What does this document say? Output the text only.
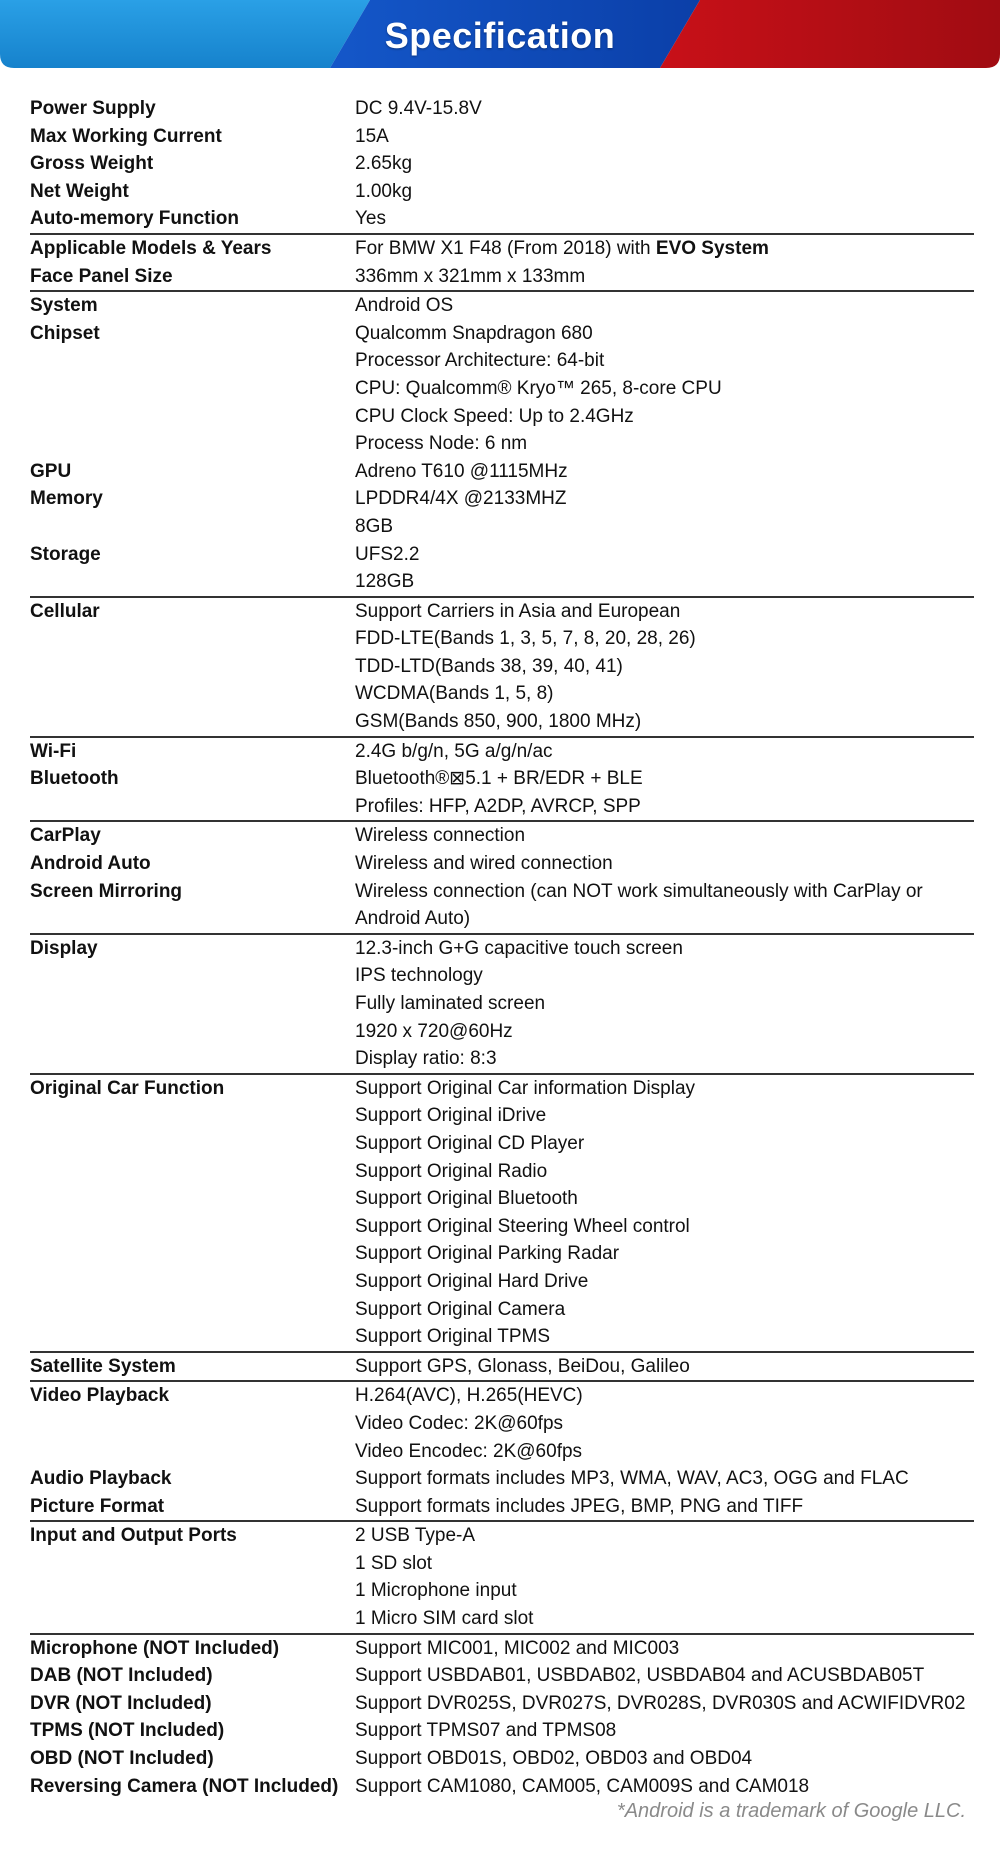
Specification
Power Supply	DC 9.4V-15.8V
Max Working Current	15A
Gross Weight	2.65kg
Net Weight	1.00kg
Auto-memory Function	Yes
Applicable Models & Years	For BMW X1 F48 (From 2018) with EVO System
Face Panel Size	336mm x 321mm x 133mm
System	Android OS
Chipset	Qualcomm Snapdragon 680
Processor Architecture: 64-bit
CPU: Qualcomm® Kryo™ 265, 8-core CPU
CPU Clock Speed: Up to 2.4GHz
Process Node: 6 nm
GPU	Adreno T610 @1115MHz
Memory	LPDDR4/4X @2133MHZ
8GB
Storage	UFS2.2
128GB
Cellular	Support Carriers in Asia and European
FDD-LTE(Bands 1, 3, 5, 7, 8, 20, 28, 26)
TDD-LTD(Bands 38, 39, 40, 41)
WCDMA(Bands 1, 5, 8)
GSM(Bands 850, 900, 1800 MHz)
Wi-Fi	2.4G b/g/n, 5G a/g/n/ac
Bluetooth	Bluetooth®⊠5.1 + BR/EDR + BLE
Profiles: HFP, A2DP, AVRCP, SPP
CarPlay	Wireless connection
Android Auto	Wireless and wired connection
Screen Mirroring	Wireless connection (can NOT work simultaneously with CarPlay or
Android Auto)
Display	12.3-inch G+G capacitive touch screen
IPS technology
Fully laminated screen
1920 x 720@60Hz
Display ratio: 8:3
Original Car Function	Support Original Car information Display
Support Original iDrive
Support Original CD Player
Support Original Radio
Support Original Bluetooth
Support Original Steering Wheel control
Support Original Parking Radar
Support Original Hard Drive
Support Original Camera
Support Original TPMS
Satellite System	Support GPS, Glonass, BeiDou, Galileo
Video Playback	H.264(AVC), H.265(HEVC)
Video Codec: 2K@60fps
Video Encodec: 2K@60fps
Audio Playback	Support formats includes MP3, WMA, WAV, AC3, OGG and FLAC
Picture Format	Support formats includes JPEG, BMP, PNG and TIFF
Input and Output Ports	2 USB Type-A
1 SD slot
1 Microphone input
1 Micro SIM card slot
Microphone (NOT Included)	Support MIC001, MIC002 and MIC003
DAB (NOT Included)	Support USBDAB01, USBDAB02, USBDAB04 and ACUSBDAB05T
DVR (NOT Included)	Support DVR025S, DVR027S, DVR028S, DVR030S and ACWIFIDVR02
TPMS (NOT Included)	Support TPMS07 and TPMS08
OBD (NOT Included)	Support OBD01S, OBD02, OBD03 and OBD04
Reversing Camera (NOT Included) Support CAM1080, CAM005, CAM009S and CAM018
*Android is a trademark of Google LLC.
